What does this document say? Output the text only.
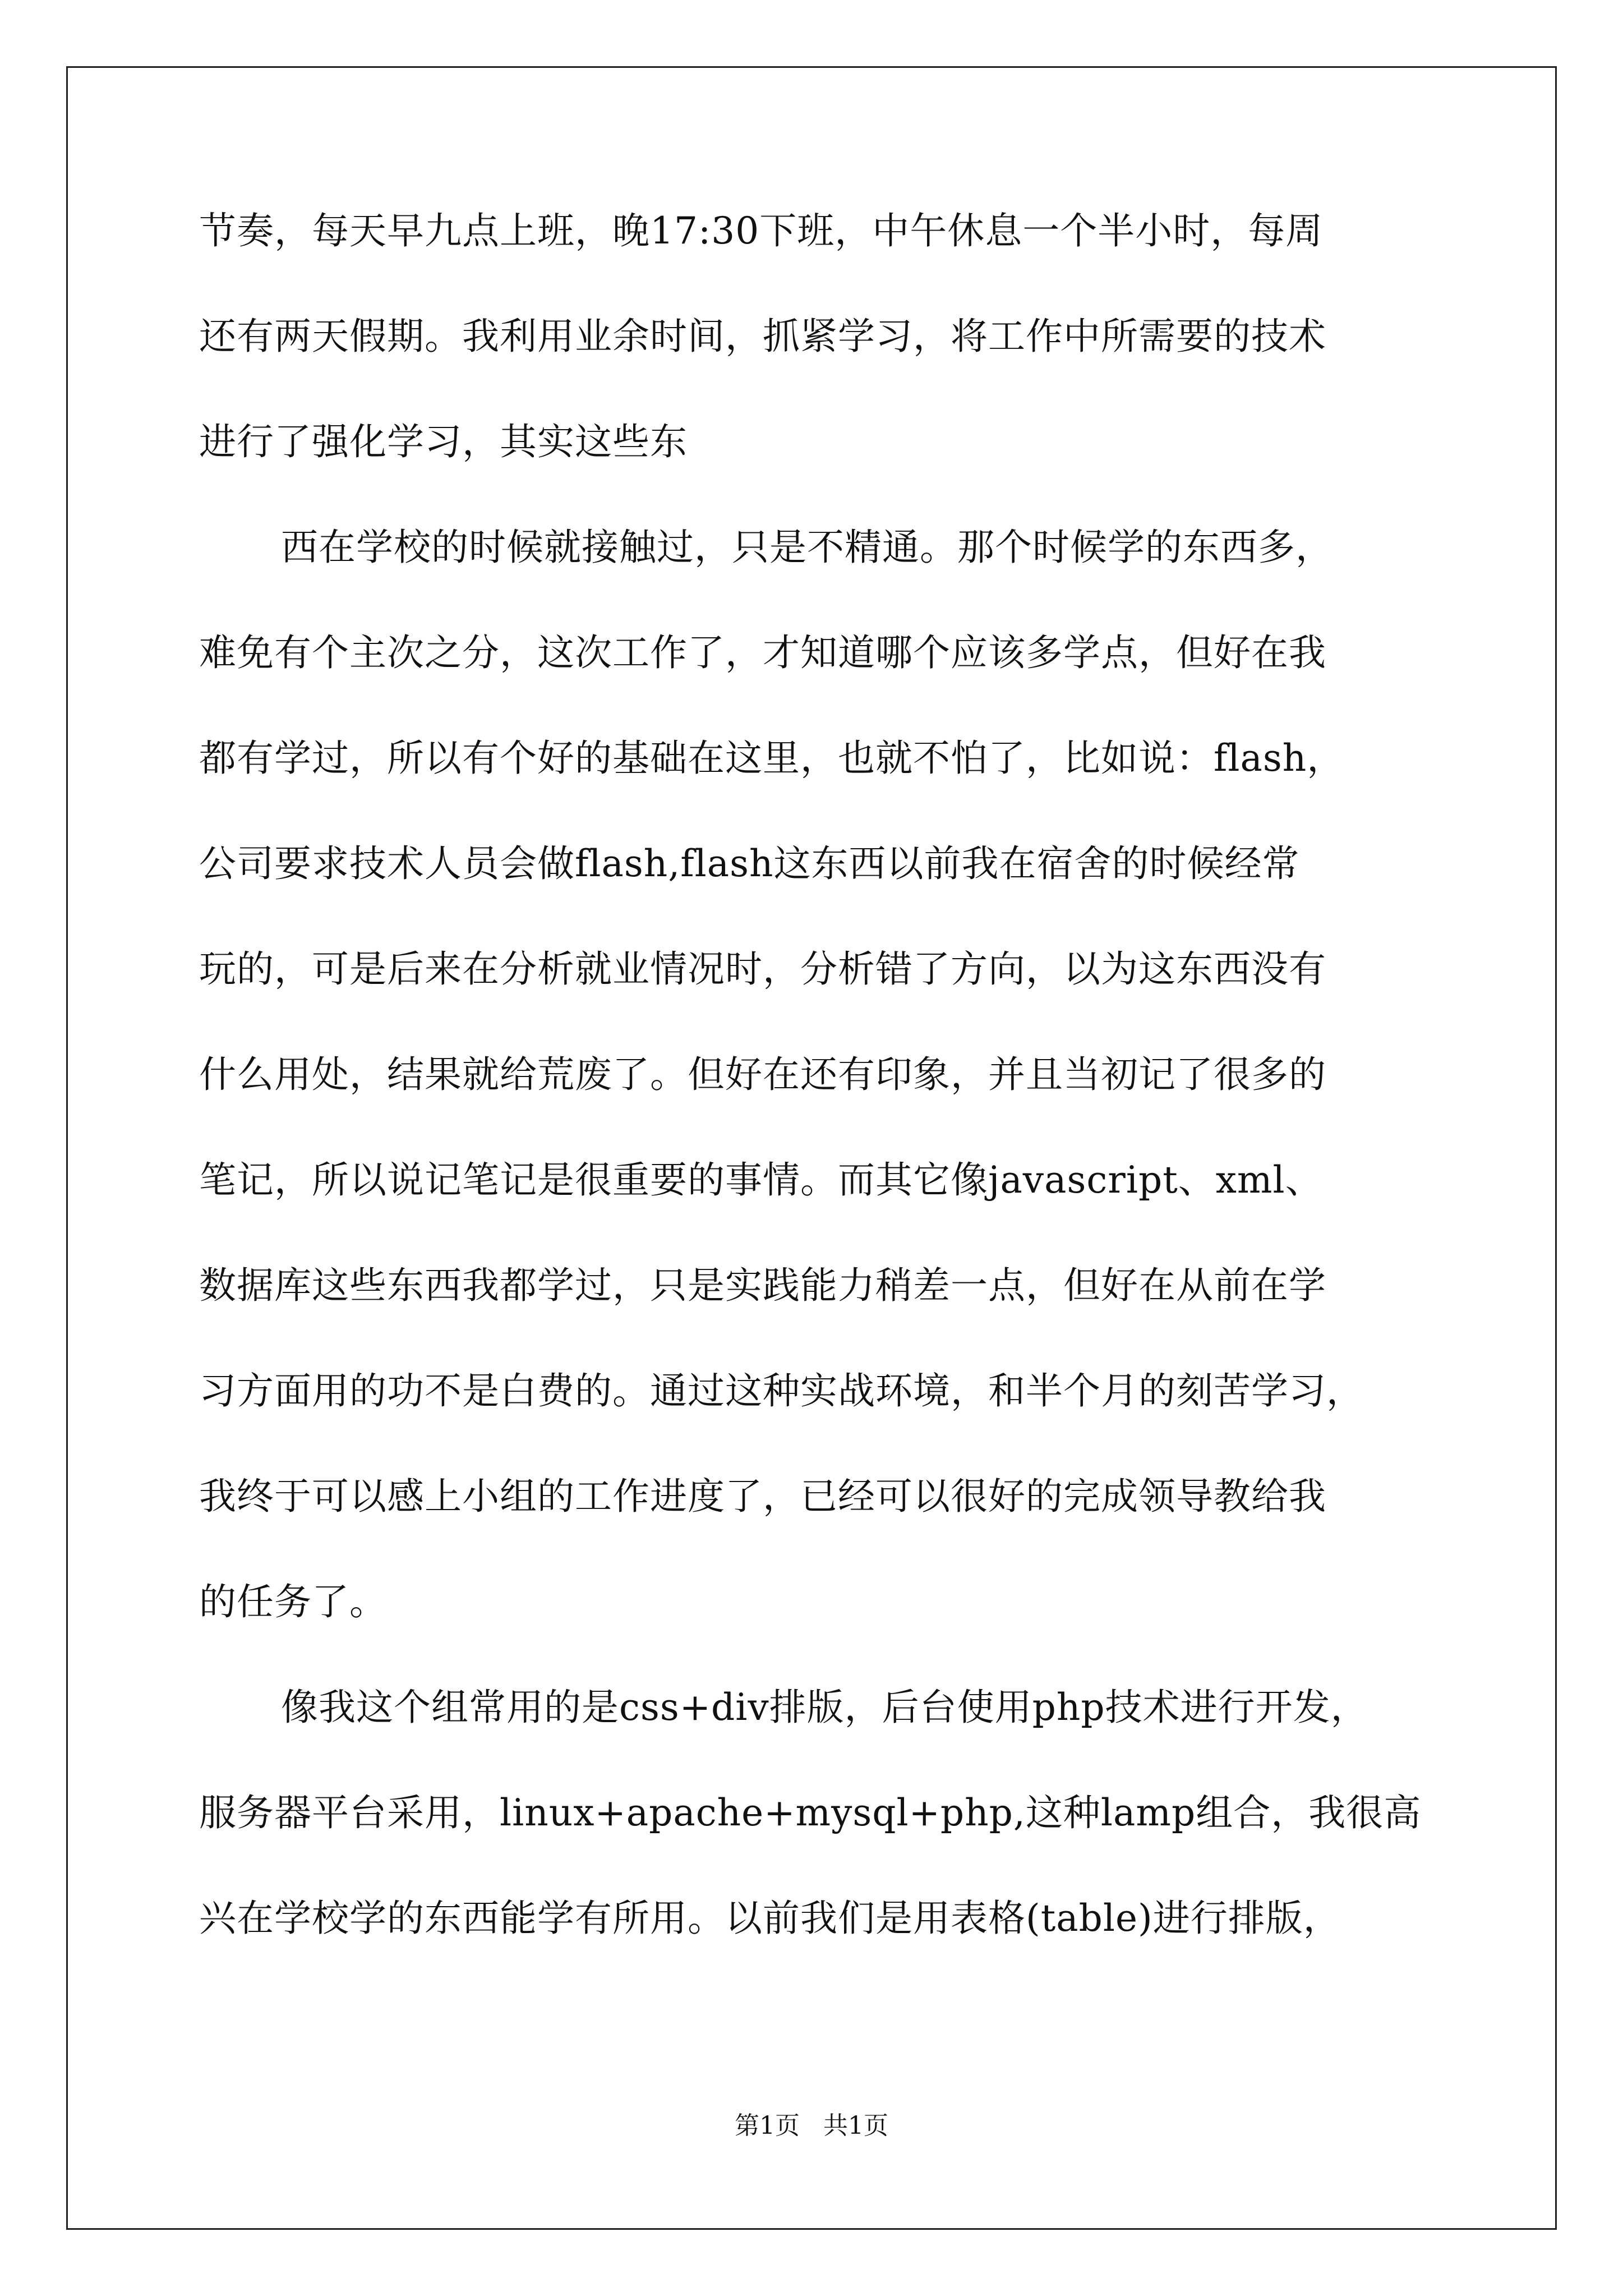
节奏，每天早九点上班，晚17:30下班，中午休息一个半小时，每周
还有两天假期。我利用业余时间，抓紧学习，将工作中所需要的技术
进行了强化学习，其实这些东
西在学校的时候就接触过，只是不精通。那个时候学的东西多，
难免有个主次之分，这次工作了，才知道哪个应该多学点，但好在我
都有学过，所以有个好的基础在这里，也就不怕了，比如说：flash，
公司要求技术人员会做flash,flash这东西以前我在宿舍的时候经常
玩的，可是后来在分析就业情况时，分析错了方向，以为这东西没有
什么用处，结果就给荒废了。但好在还有印象，并且当初记了很多的
笔记，所以说记笔记是很重要的事情。而其它像javascript、xml、
数据库这些东西我都学过，只是实践能力稍差一点，但好在从前在学
习方面用的功不是白费的。通过这种实战环境，和半个月的刻苦学习，
我终于可以感上小组的工作进度了，已经可以很好的完成领导教给我
的任务了。
像我这个组常用的是css+div排版，后台使用php技术进行开发，
服务器平台采用，linux+apache+mysql+php,这种lamp组合，我很高
兴在学校学的东西能学有所用。以前我们是用表格(table)进行排版，
第1页   共1页
